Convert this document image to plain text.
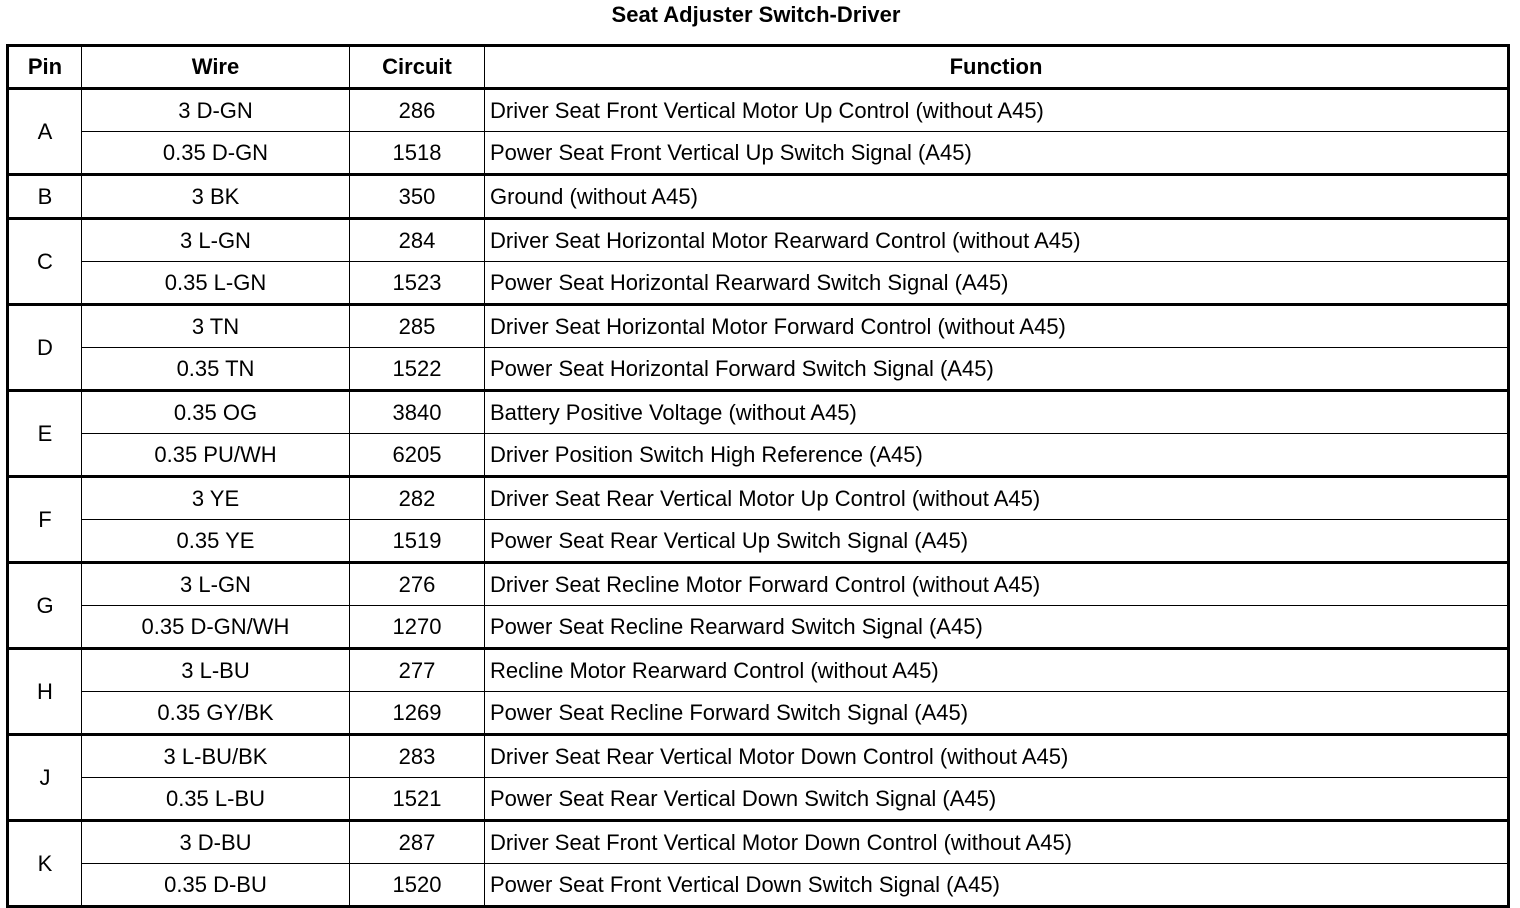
Seat Adjuster Switch-Driver
Pin	Wire	Circuit	Function
A	3 D-GN	286	Driver Seat Front Vertical Motor Up Control (without A45)
	0.35 D-GN	1518	Power Seat Front Vertical Up Switch Signal (A45)
B	3 BK	350	Ground (without A45)
C	3 L-GN	284	Driver Seat Horizontal Motor Rearward Control (without A45)
	0.35 L-GN	1523	Power Seat Horizontal Rearward Switch Signal (A45)
D	3 TN	285	Driver Seat Horizontal Motor Forward Control (without A45)
	0.35 TN	1522	Power Seat Horizontal Forward Switch Signal (A45)
E	0.35 OG	3840	Battery Positive Voltage (without A45)
	0.35 PU/WH	6205	Driver Position Switch High Reference (A45)
F	3 YE	282	Driver Seat Rear Vertical Motor Up Control (without A45)
	0.35 YE	1519	Power Seat Rear Vertical Up Switch Signal (A45)
G	3 L-GN	276	Driver Seat Recline Motor Forward Control (without A45)
	0.35 D-GN/WH	1270	Power Seat Recline Rearward Switch Signal (A45)
H	3 L-BU	277	Recline Motor Rearward Control (without A45)
	0.35 GY/BK	1269	Power Seat Recline Forward Switch Signal (A45)
J	3 L-BU/BK	283	Driver Seat Rear Vertical Motor Down Control (without A45)
	0.35 L-BU	1521	Power Seat Rear Vertical Down Switch Signal (A45)
K	3 D-BU	287	Driver Seat Front Vertical Motor Down Control (without A45)
	0.35 D-BU	1520	Power Seat Front Vertical Down Switch Signal (A45)
